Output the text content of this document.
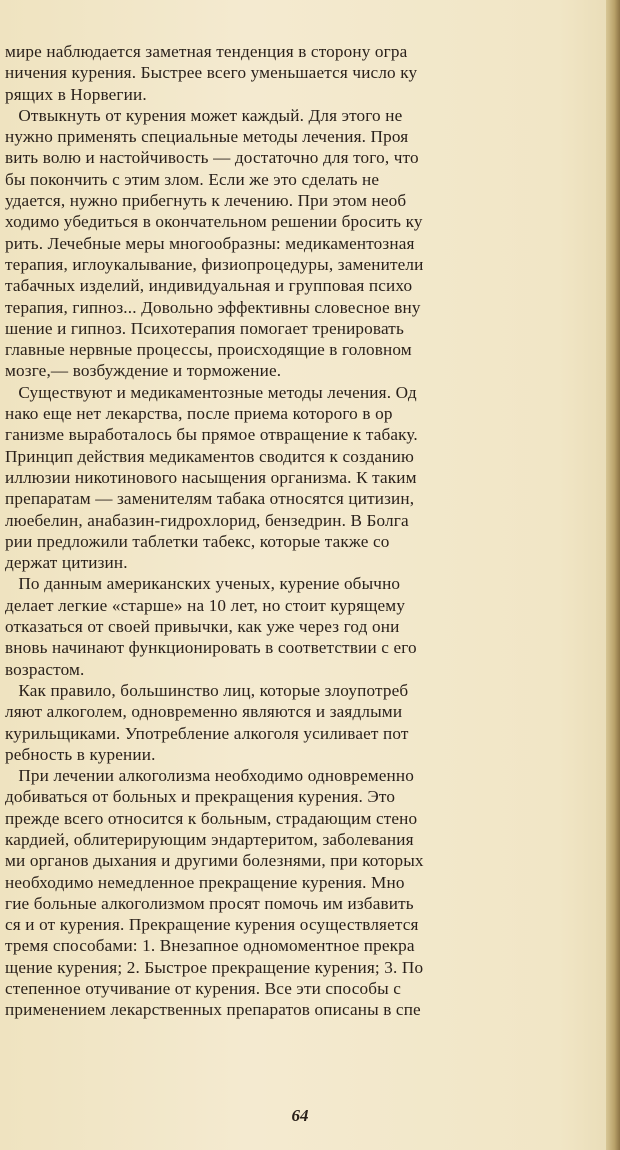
мире наблюдается заметная тенденция в сторону огра
ничения курения. Быстрее всего уменьшается число ку
рящих в Норвегии.
Отвыкнуть от курения может каждый. Для этого не
нужно применять специальные методы лечения. Проя
вить волю и настойчивость — достаточно для того, что
бы покончить с этим злом. Если же это сделать не
удается, нужно прибегнуть к лечению. При этом необ
ходимо убедиться в окончательном решении бросить ку
рить. Лечебные меры многообразны: медикаментозная
терапия, иглоукалывание, физиопроцедуры, заменители
табачных изделий, индивидуальная и групповая психо
терапия, гипноз... Довольно эффективны словесное вну
шение и гипноз. Психотерапия помогает тренировать
главные нервные процессы, происходящие в головном
мозге,— возбуждение и торможение.
Существуют и медикаментозные методы лечения. Од
нако еще нет лекарства, после приема которого в ор
ганизме выработалось бы прямое отвращение к табаку.
Принцип действия медикаментов сводится к созданию
иллюзии никотинового насыщения организма. К таким
препаратам — заменителям табака относятся цитизин,
люебелин, анабазин-гидрохлорид, бензедрин. В Болга
рии предложили таблетки табекс, которые также со
держат цитизин.
По данным американских ученых, курение обычно
делает легкие «старше» на 10 лет, но стоит курящему
отказаться от своей привычки, как уже через год они
вновь начинают функционировать в соответствии с его
возрастом.
Как правило, большинство лиц, которые злоупотреб
ляют алкоголем, одновременно являются и заядлыми
курильщиками. Употребление алкоголя усиливает пот
ребность в курении.
При лечении алкоголизма необходимо одновременно
добиваться от больных и прекращения курения. Это
прежде всего относится к больным, страдающим стено
кардией, облитерирующим эндартеритом, заболевания
ми органов дыхания и другими болезнями, при которых
необходимо немедленное прекращение курения. Мно
гие больные алкоголизмом просят помочь им избавить
ся и от курения. Прекращение курения осуществляется
тремя способами: 1. Внезапное одномоментное прекра
щение курения; 2. Быстрое прекращение курения; 3. По
степенное отучивание от курения. Все эти способы с
применением лекарственных препаратов описаны в спе
64
